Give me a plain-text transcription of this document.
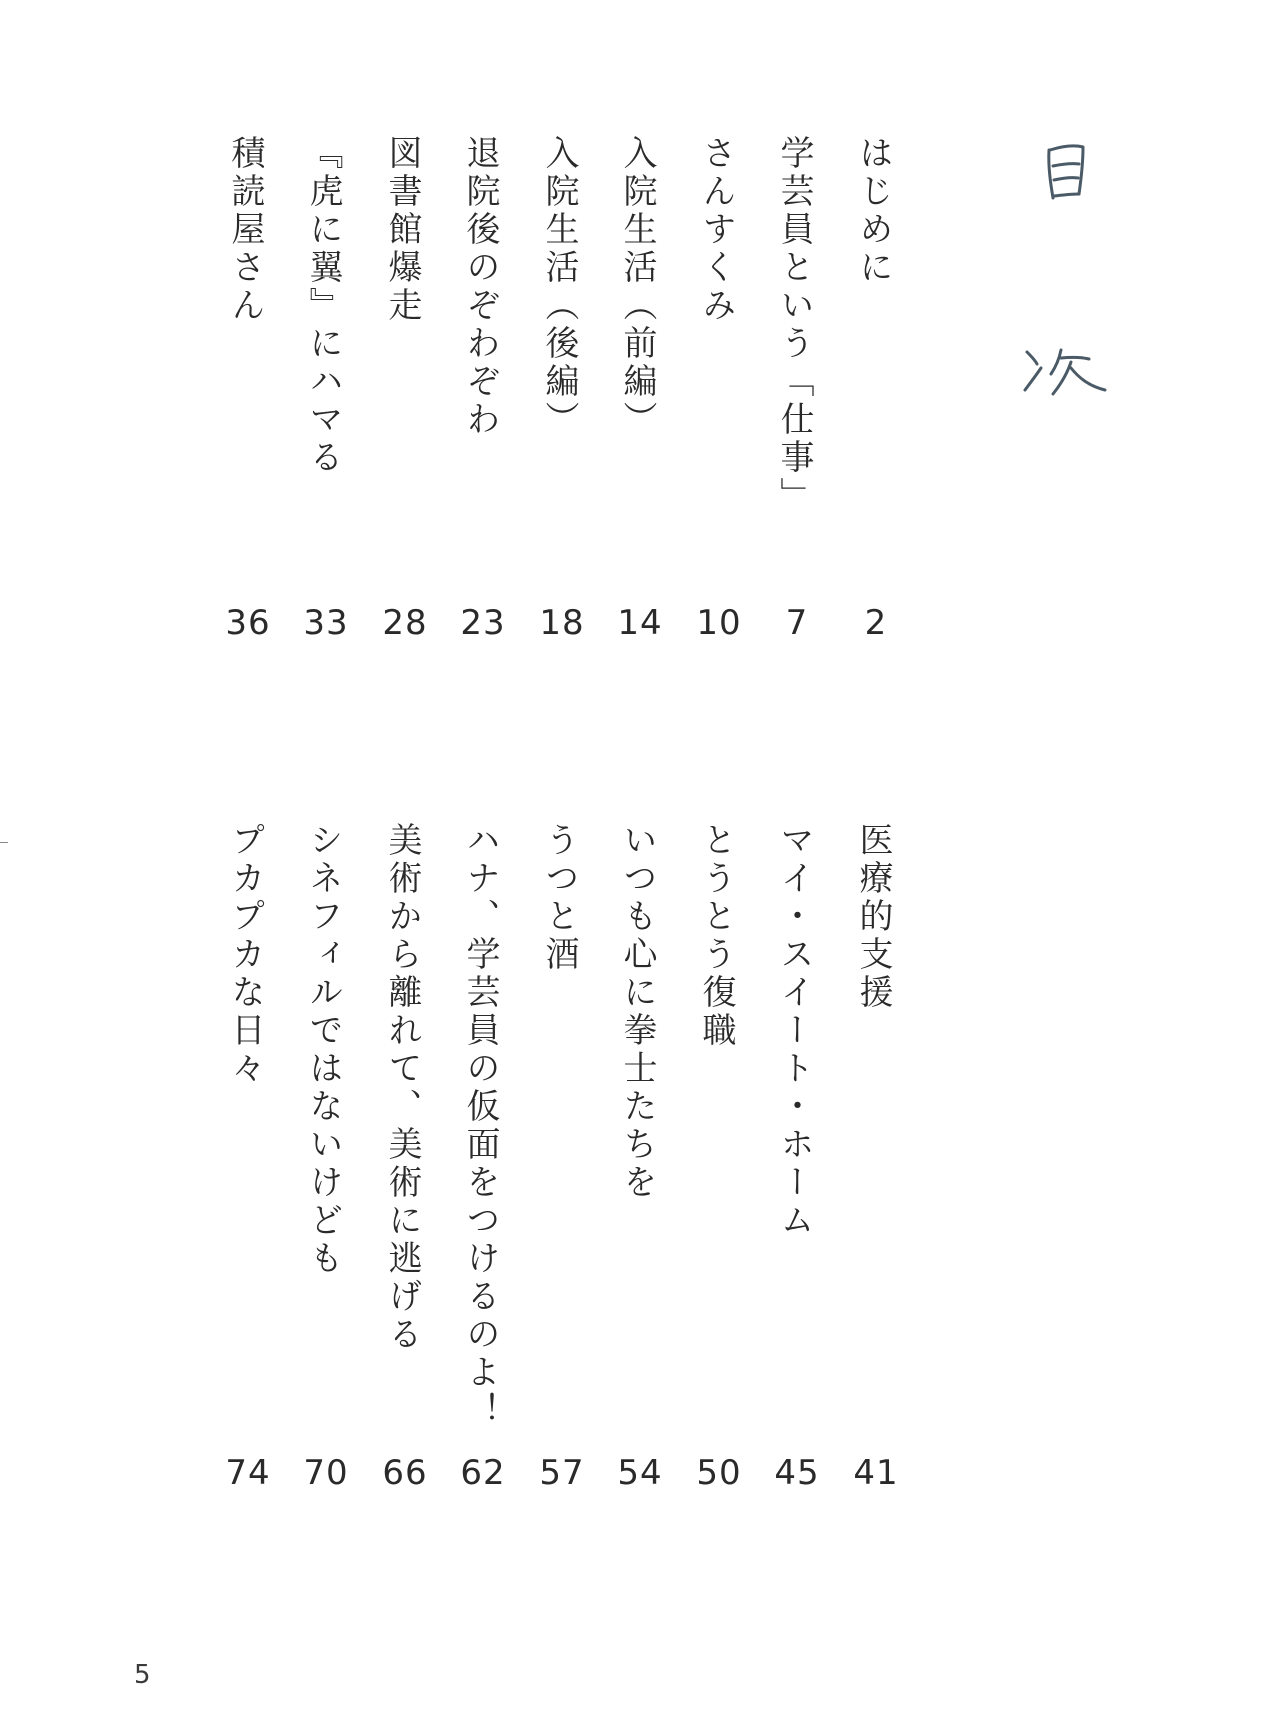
はじめに
2
学芸員という「仕事」
7
さんすくみ
10
入院生活（前編）
14
入院生活（後編）
18
退院後のぞわぞわ
23
図書館爆走
28
『虎に翼』にハマる
33
積読屋さん
36
医療的支援
41
マイ・スイート・ホーム
45
とうとう復職
50
いつも心に拳士たちを
54
うつと酒
57
ハナ、学芸員の仮面をつけるのよ！
62
美術から離れて、美術に逃げる
66
シネフィルではないけども
70
プカプカな日々
74
5
